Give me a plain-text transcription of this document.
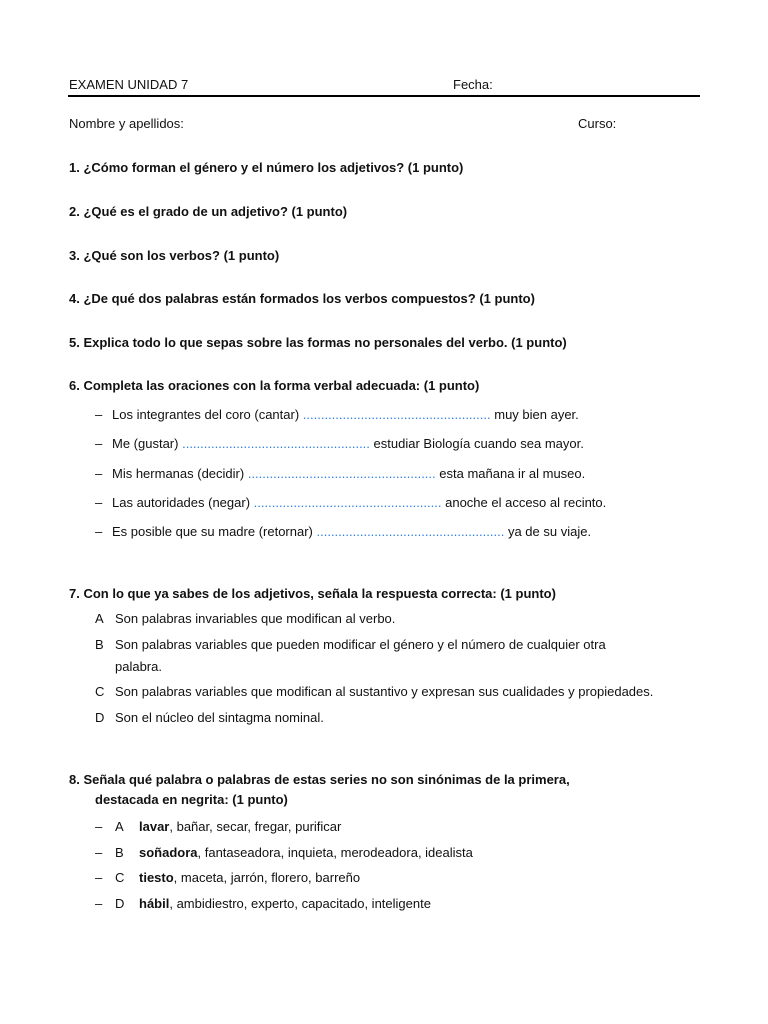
EXAMEN UNIDAD 7	Fecha:
Nombre y apellidos:	Curso:
1. ¿Cómo forman el género y el número los adjetivos? (1 punto)
2. ¿Qué es el grado de un adjetivo? (1 punto)
3. ¿Qué son los verbos? (1 punto)
4. ¿De qué dos palabras están formados los verbos compuestos? (1 punto)
5. Explica todo lo que sepas sobre las formas no personales del verbo. (1 punto)
6. Completa las oraciones con la forma verbal adecuada: (1 punto)
– Los integrantes del coro (cantar) .................................................... muy bien ayer.
– Me (gustar) .................................................... estudiar Biología cuando sea mayor.
– Mis hermanas (decidir) .................................................... esta mañana ir al museo.
– Las autoridades (negar) .................................................... anoche el acceso al recinto.
– Es posible que su madre (retornar) .................................................... ya de su viaje.
7. Con lo que ya sabes de los adjetivos, señala la respuesta correcta: (1 punto)
A Son palabras invariables que modifican al verbo.
B Son palabras variables que pueden modificar el género y el número de cualquier otra
palabra.
C Son palabras variables que modifican al sustantivo y expresan sus cualidades y propiedades.
D Son el núcleo del sintagma nominal.
8. Señala qué palabra o palabras de estas series no son sinónimas de la primera,
destacada en negrita: (1 punto)
– A lavar, bañar, secar, fregar, purificar
– B soñadora, fantaseadora, inquieta, merodeadora, idealista
– C tiesto, maceta, jarrón, florero, barreño
– D hábil, ambidiestro, experto, capacitado, inteligente
